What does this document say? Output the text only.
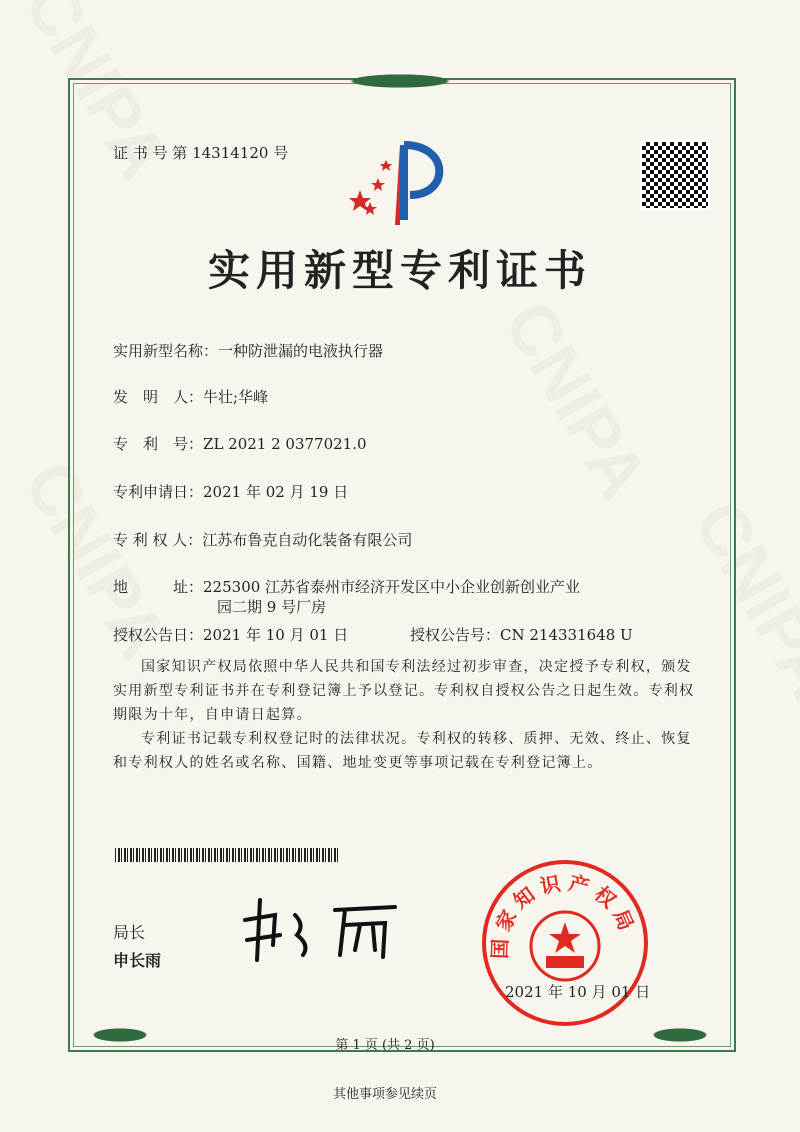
证 书 号 第 14314120 号
实用新型专利证书
实用新型名称：一种防泄漏的电液执行器
发　明　人：牛壮;华峰
专　利　号：ZL 2021 2 0377021.0
专利申请日：2021 年 02 月 19 日
专 利 权 人：江苏布鲁克自动化装备有限公司
地　　　址：225300 江苏省泰州市经济开发区中小企业创新创业产业
园二期 9 号厂房
授权公告日：2021 年 10 月 01 日	授权公告号：CN 214331648 U
国家知识产权局依照中华人民共和国专利法经过初步审查，决定授予专利权，颁发实用新型专利证书并在专利登记簿上予以登记。专利权自授权公告之日起生效。专利权期限为十年，自申请日起算。
专利证书记载专利权登记时的法律状况。专利权的转移、质押、无效、终止、恢复和专利权人的姓名或名称、国籍、地址变更等事项记载在专利登记簿上。
局长
申长雨
国家知识产权局
2021 年 10 月 01 日
第 1 页 (共 2 页)
其他事项参见续页
